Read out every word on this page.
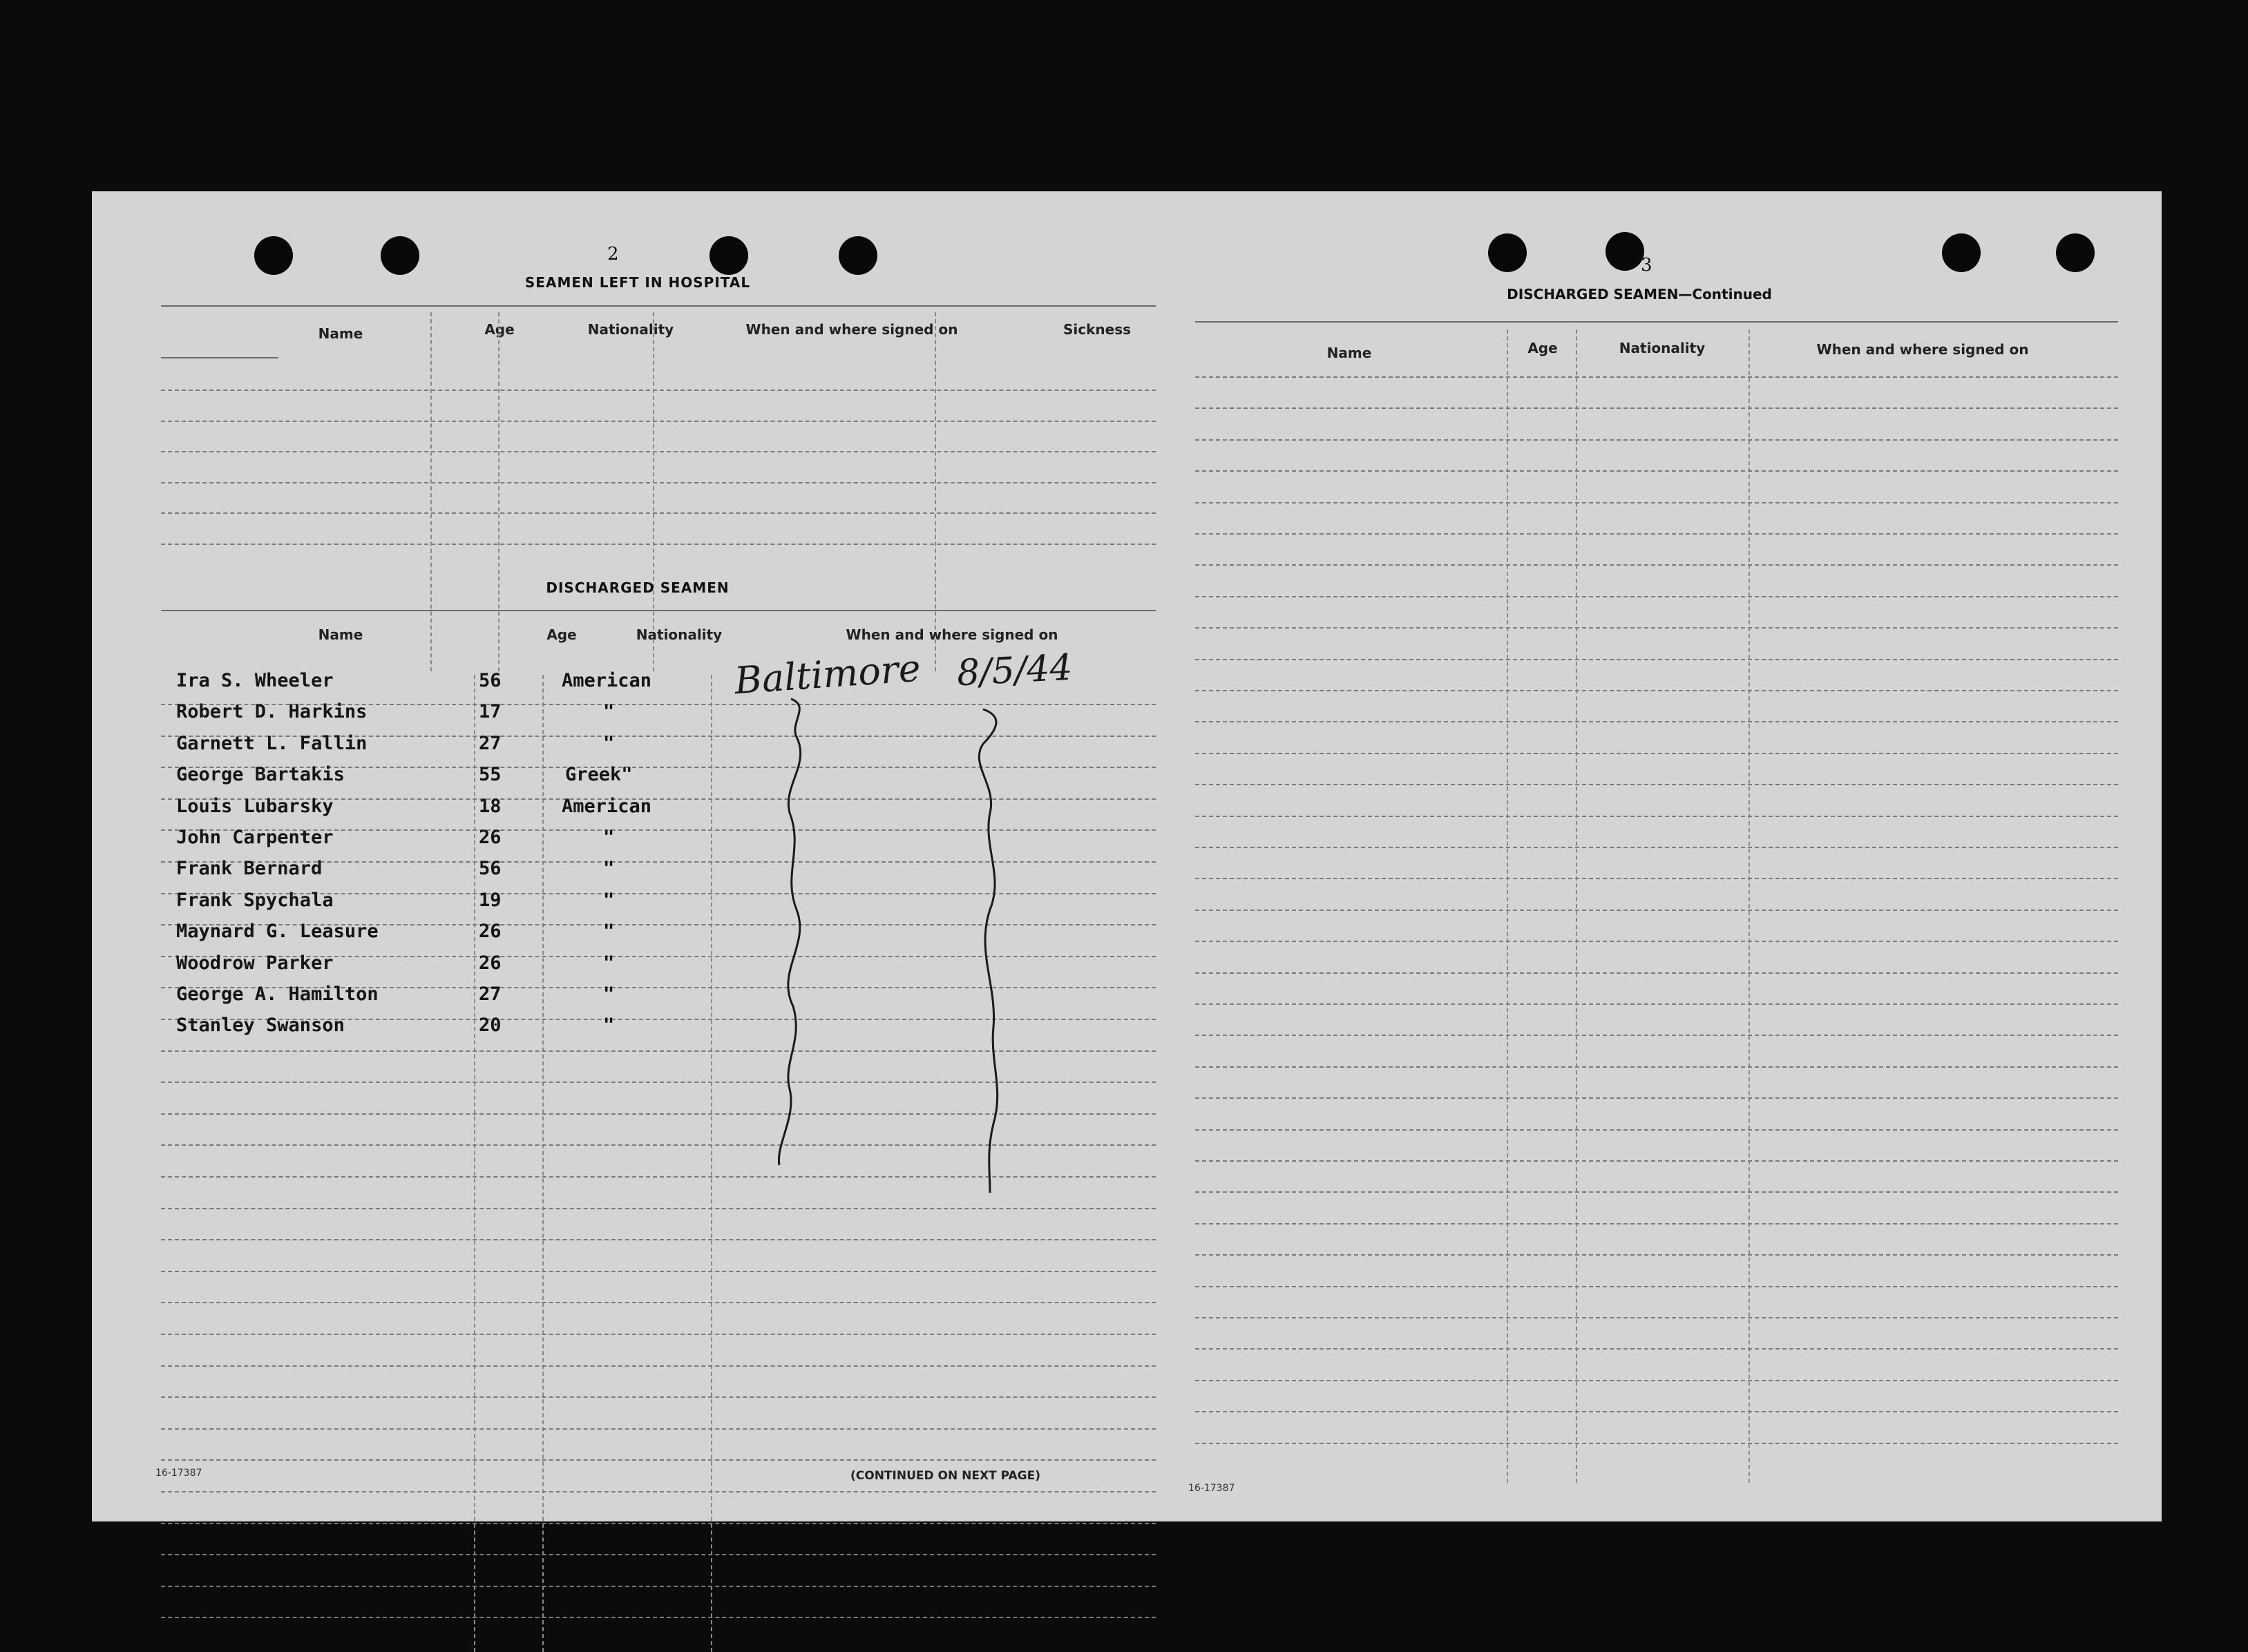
2
SEAMEN LEFT IN HOSPITAL
Name	Age	Nationality	When and where signed on	Sickness
DISCHARGED SEAMEN
Name	Age	Nationality	When and where signed on
Ira S. Wheeler	56	American
Robert D. Harkins	17	"
Garnett L. Fallin	27	"
George Bartakis	55	Greek"
Louis Lubarsky	18	American
John Carpenter	26	"
Frank Bernard	56	"
Frank Spychala	19	"
Maynard G. Leasure	26	"
Woodrow Parker	26	"
George A. Hamilton	27	"
Stanley Swanson	20	"
Baltimore 8/5/44
16-17387	(CONTINUED ON NEXT PAGE)
3
DISCHARGED SEAMEN—Continued
Name	Age	Nationality	When and where signed on
16-17387
